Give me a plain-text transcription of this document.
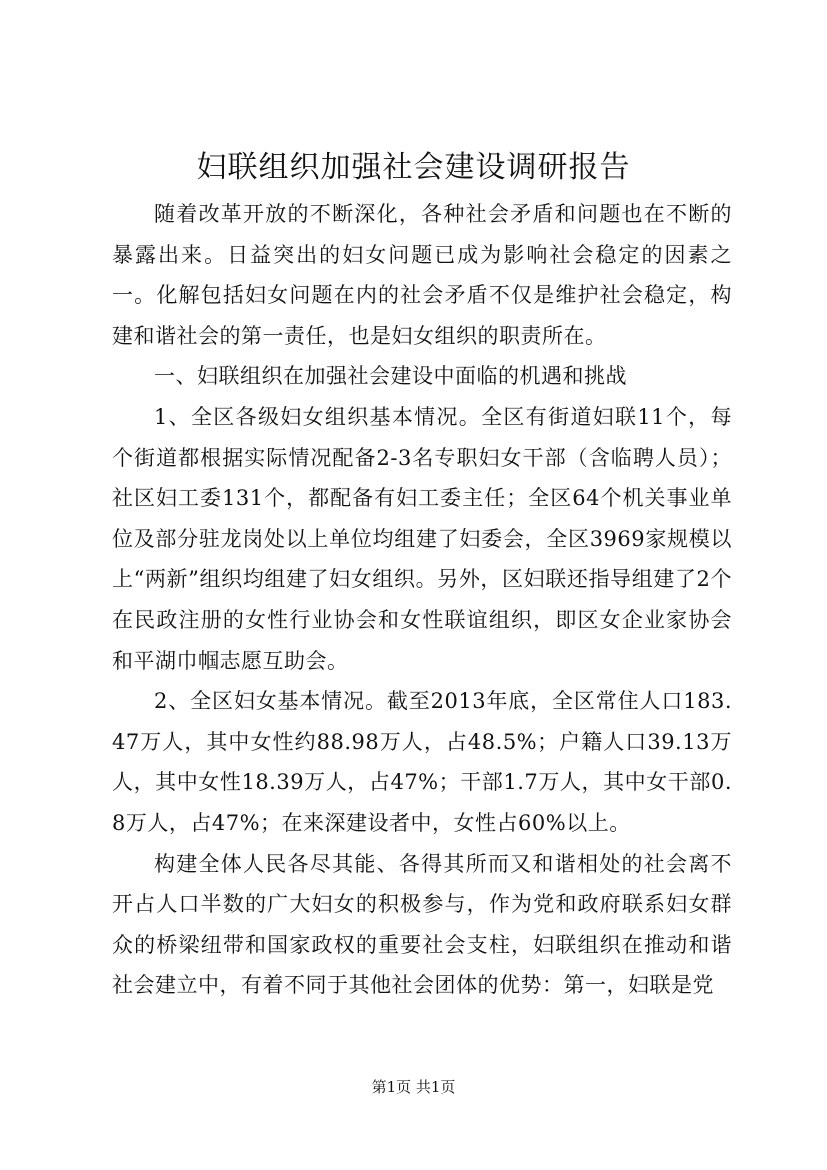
妇联组织加强社会建设调研报告

随着改革开放的不断深化，各种社会矛盾和问题也在不断的暴露出来。日益突出的妇女问题已成为影响社会稳定的因素之一。化解包括妇女问题在内的社会矛盾不仅是维护社会稳定，构建和谐社会的第一责任，也是妇女组织的职责所在。

一、妇联组织在加强社会建设中面临的机遇和挑战

1、全区各级妇女组织基本情况。全区有街道妇联11个，每个街道都根据实际情况配备2-3名专职妇女干部（含临聘人员）；社区妇工委131个，都配备有妇工委主任；全区64个机关事业单位及部分驻龙岗处以上单位均组建了妇委会，全区3969家规模以上“两新”组织均组建了妇女组织。另外，区妇联还指导组建了2个在民政注册的女性行业协会和女性联谊组织，即区女企业家协会和平湖巾帼志愿互助会。

2、全区妇女基本情况。截至2013年底，全区常住人口183.47万人，其中女性约88.98万人，占48.5%；户籍人口39.13万人，其中女性18.39万人，占47%；干部1.7万人，其中女干部0.8万人，占47%；在来深建设者中，女性占60%以上。

构建全体人民各尽其能、各得其所而又和谐相处的社会离不开占人口半数的广大妇女的积极参与，作为党和政府联系妇女群众的桥梁纽带和国家政权的重要社会支柱，妇联组织在推动和谐社会建立中，有着不同于其他社会团体的优势：第一，妇联是党

第1页 共1页
